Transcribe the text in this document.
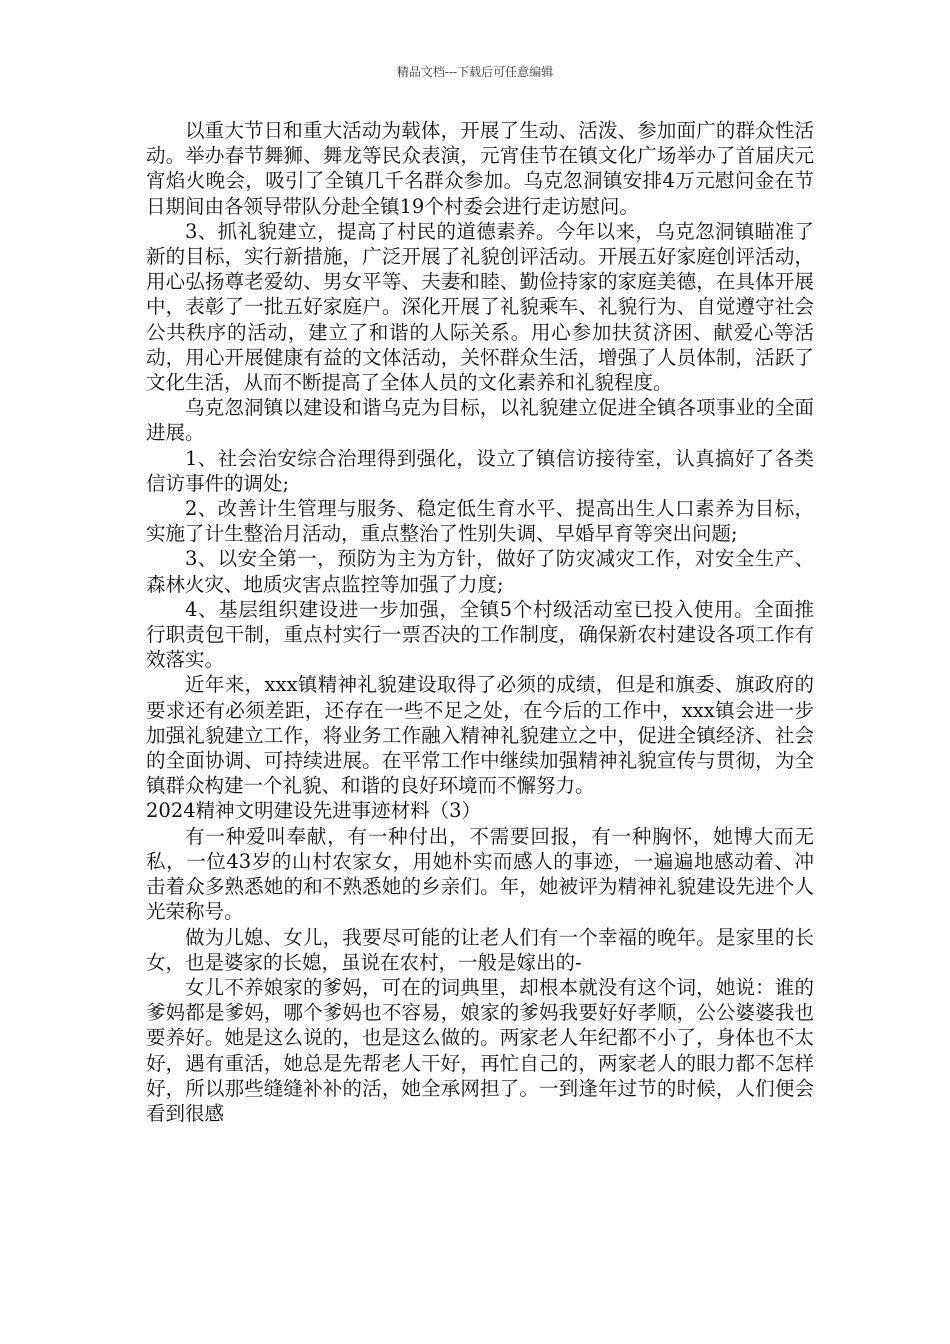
精品文档---下载后可任意编辑

以重大节日和重大活动为载体，开展了生动、活泼、参加面广的群众性活动。举办春节舞狮、舞龙等民众表演，元宵佳节在镇文化广场举办了首届庆元宵焰火晚会，吸引了全镇几千名群众参加。乌克忽洞镇安排4万元慰问金在节日期间由各领导带队分赴全镇19个村委会进行走访慰问。

3、抓礼貌建立，提高了村民的道德素养。今年以来，乌克忽洞镇瞄准了新的目标，实行新措施，广泛开展了礼貌创评活动。开展五好家庭创评活动，用心弘扬尊老爱幼、男女平等、夫妻和睦、勤俭持家的家庭美德，在具体开展中，表彰了一批五好家庭户。深化开展了礼貌乘车、礼貌行为、自觉遵守社会公共秩序的活动，建立了和谐的人际关系。用心参加扶贫济困、献爱心等活动，用心开展健康有益的文体活动，关怀群众生活，增强了人员体制，活跃了文化生活，从而不断提高了全体人员的文化素养和礼貌程度。

乌克忽洞镇以建设和谐乌克为目标，以礼貌建立促进全镇各项事业的全面进展。

1、社会治安综合治理得到强化，设立了镇信访接待室，认真搞好了各类信访事件的调处;

2、改善计生管理与服务、稳定低生育水平、提高出生人口素养为目标，实施了计生整治月活动，重点整治了性别失调、早婚早育等突出问题;

3、以安全第一，预防为主为方针，做好了防灾减灾工作，对安全生产、森林火灾、地质灾害点监控等加强了力度;

4、基层组织建设进一步加强，全镇5个村级活动室已投入使用。全面推行职责包干制，重点村实行一票否决的工作制度，确保新农村建设各项工作有效落实。

近年来，xxx镇精神礼貌建设取得了必须的成绩，但是和旗委、旗政府的要求还有必须差距，还存在一些不足之处，在今后的工作中，xxx镇会进一步加强礼貌建立工作，将业务工作融入精神礼貌建立之中，促进全镇经济、社会的全面协调、可持续进展。在平常工作中继续加强精神礼貌宣传与贯彻，为全镇群众构建一个礼貌、和谐的良好环境而不懈努力。

2024精神文明建设先进事迹材料（3）

有一种爱叫奉献，有一种付出，不需要回报，有一种胸怀，她博大而无私，一位43岁的山村农家女，用她朴实而感人的事迹，一遍遍地感动着、冲击着众多熟悉她的和不熟悉她的乡亲们。年，她被评为精神礼貌建设先进个人光荣称号。

做为儿媳、女儿，我要尽可能的让老人们有一个幸福的晚年。是家里的长女，也是婆家的长媳，虽说在农村，一般是嫁出的-

女儿不养娘家的爹妈，可在的词典里，却根本就没有这个词，她说：谁的爹妈都是爹妈，哪个爹妈也不容易，娘家的爹妈我要好好孝顺，公公婆婆我也要养好。她是这么说的，也是这么做的。两家老人年纪都不小了，身体也不太好，遇有重活，她总是先帮老人干好，再忙自己的，两家老人的眼力都不怎样好，所以那些缝缝补补的活，她全承网担了。一到逢年过节的时候，人们便会看到很感
